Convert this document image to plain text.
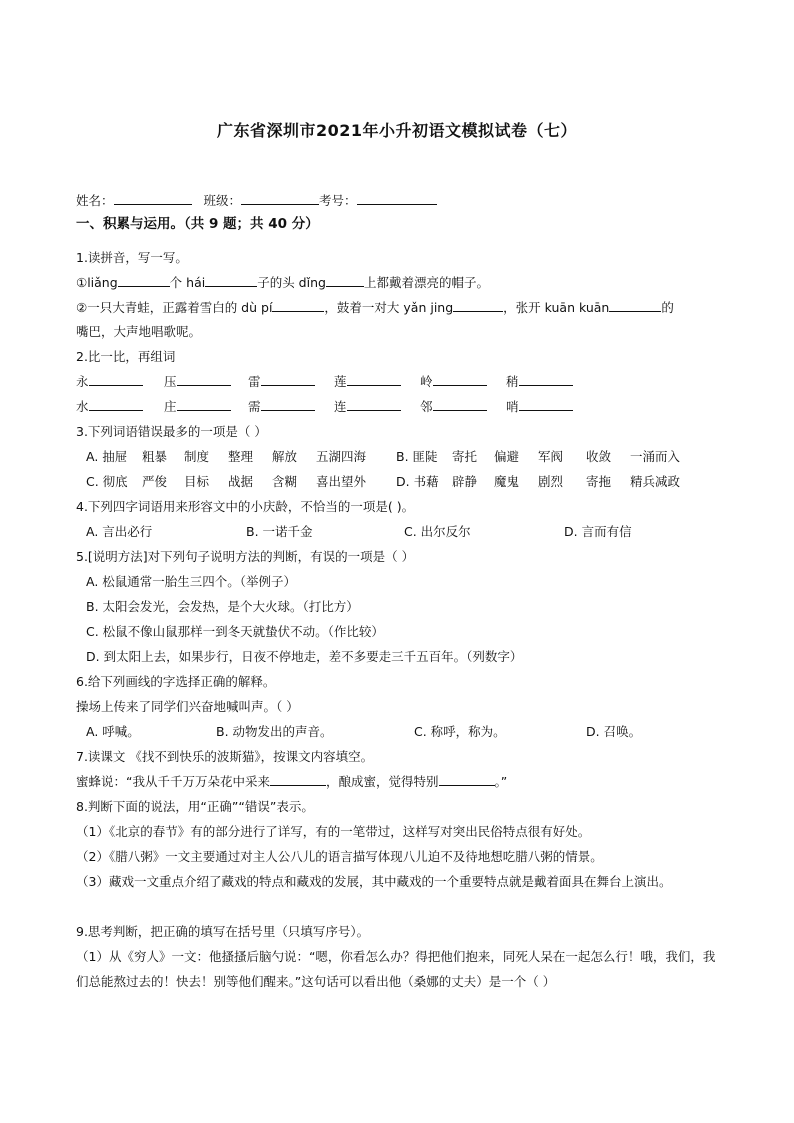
广东省深圳市2021年小升初语文模拟试卷（七）
姓名：	班级：	考号：
一、积累与运用。（共 9 题；共 40 分）
1.读拼音，写一写。
①liǎng	个 hái	子的头 dǐng	上都戴着漂亮的帽子。
②一只大青蛙，正露着雪白的 dù pí	，鼓着一对大 yǎn jing	，张开 kuān kuān	的
嘴巴，大声地唱歌呢。
2.比一比，再组词
永	压	雷	莲	岭	稍
水	庄	需	连	邻	哨
3.下列词语错误最多的一项是（ ）
A. 抽屉 粗暴 制度 整理 解放 五湖四海 B. 匪陡 寄托 偏避 军阀 收敛 一涌而入
C. 彻底 严俊 目标 战据 含糊 喜出望外 D. 书藉 辟静 魔鬼 剧烈 寄拖 精兵减政
4.下列四字词语用来形容文中的小庆龄，不恰当的一项是( )。
A. 言出必行	B. 一诺千金	C. 出尔反尔	D. 言而有信
5.[说明方法]对下列句子说明方法的判断，有误的一项是（ ）
A. 松鼠通常一胎生三四个。（举例子）
B. 太阳会发光，会发热，是个大火球。（打比方）
C. 松鼠不像山鼠那样一到冬天就蛰伏不动。（作比较）
D. 到太阳上去，如果步行，日夜不停地走，差不多要走三千五百年。（列数字）
6.给下列画线的字选择正确的解释。
操场上传来了同学们兴奋地喊叫声。（ ）
A. 呼喊。	B. 动物发出的声音。	C. 称呼，称为。	D. 召唤。
7.读课文 《找不到快乐的波斯猫》，按课文内容填空。
蜜蜂说：“我从千千万万朵花中采来	，酿成蜜，觉得特别	。”
8.判断下面的说法，用“正确”“错误”表示。
（1）《北京的春节》有的部分进行了详写，有的一笔带过，这样写对突出民俗特点很有好处。
（2）《腊八粥》一文主要通过对主人公八儿的语言描写体现八儿迫不及待地想吃腊八粥的情景。
（3）藏戏一文重点介绍了藏戏的特点和藏戏的发展，其中藏戏的一个重要特点就是戴着面具在舞台上演出。
9.思考判断，把正确的填写在括号里（只填写序号）。
（1）从《穷人》一文：他搔搔后脑勺说：“嗯，你看怎么办？得把他们抱来，同死人呆在一起怎么行！哦，我们，我们总能熬过去的！快去！别等他们醒来。”这句话可以看出他（桑娜的丈夫）是一个（ ）
